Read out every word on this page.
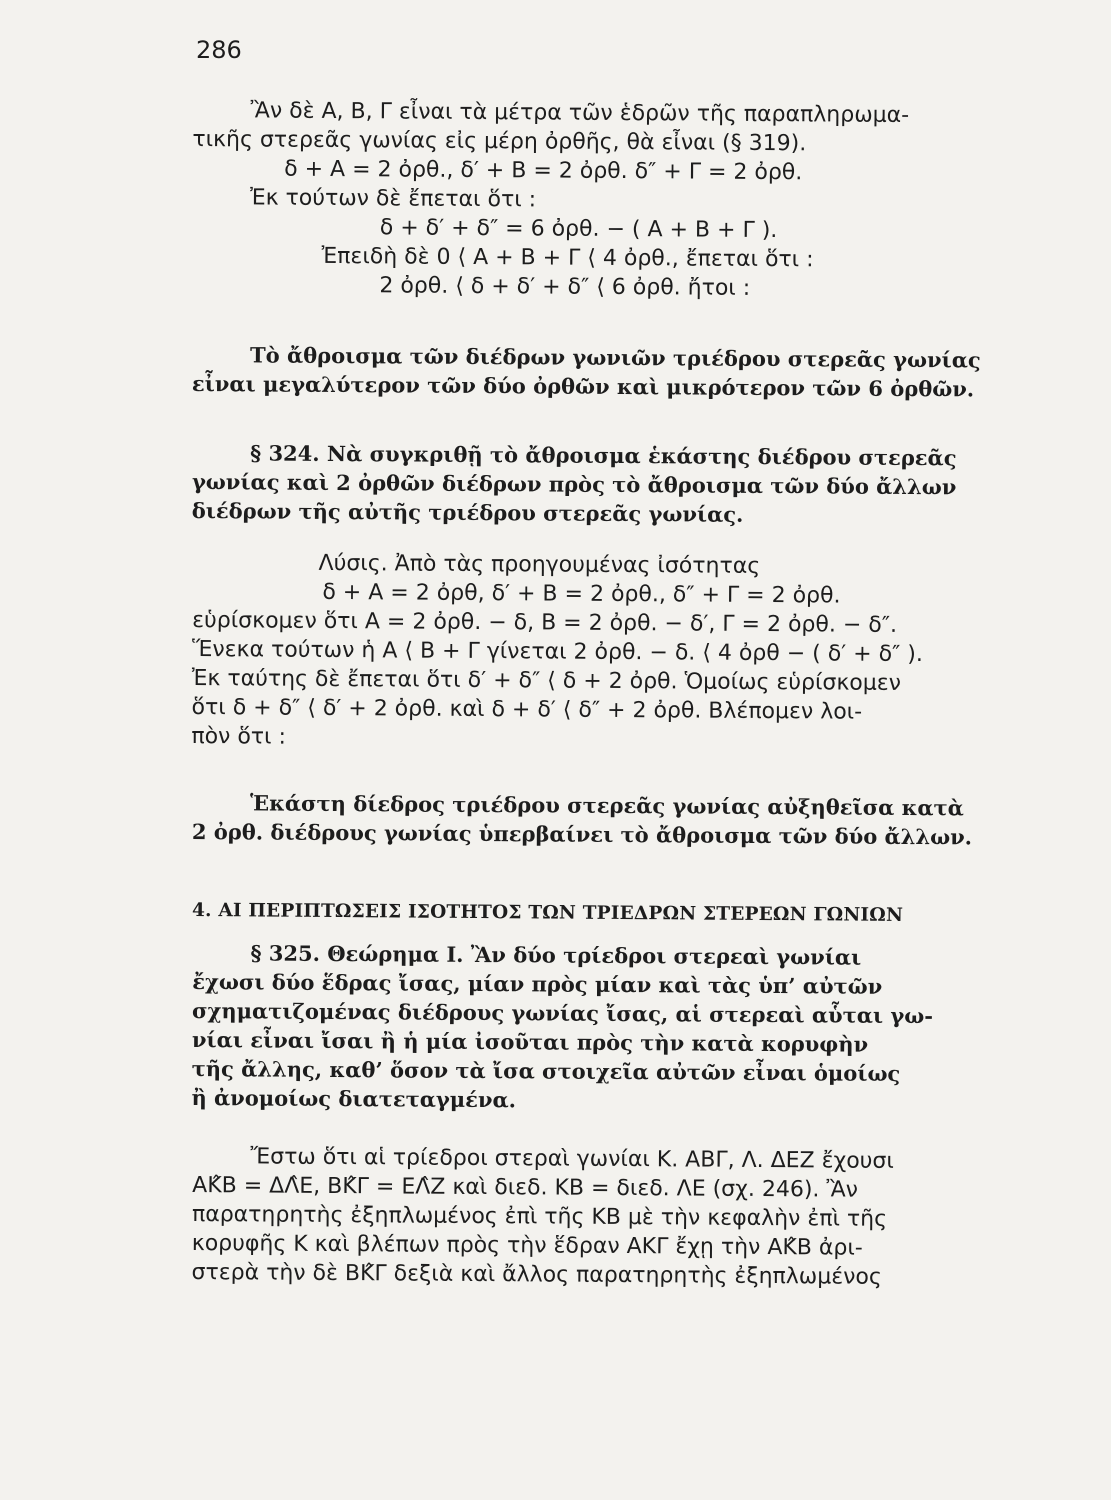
286
Ἂν δὲ Α, Β, Γ εἶναι τὰ μέτρα τῶν ἑδρῶν τῆς παραπληρωμα-
τικῆς στερεᾶς γωνίας εἰς μέρη ὀρθῆς, θὰ εἶναι (§ 319).
δ + Α = 2 ὀρθ., δ′ + Β = 2 ὀρθ. δ″ + Γ = 2 ὀρθ.
Ἐκ τούτων δὲ ἔπεται ὅτι :
δ + δ′ + δ″ = 6 ὀρθ. − ( Α + Β + Γ ).
Ἐπειδὴ δὲ 0 ⟨ Α + Β + Γ ⟨ 4 ὀρθ., ἔπεται ὅτι :
2 ὀρθ. ⟨ δ + δ′ + δ″ ⟨ 6 ὀρθ. ἤτοι :
Τὸ ἄθροισμα τῶν διέδρων γωνιῶν τριέδρου στερεᾶς γωνίας
εἶναι μεγαλύτερον τῶν δύο ὀρθῶν καὶ μικρότερον τῶν 6 ὀρθῶν.
§ 324. Νὰ συγκριθῇ τὸ ἄθροισμα ἑκάστης διέδρου στερεᾶς
γωνίας καὶ 2 ὀρθῶν διέδρων πρὸς τὸ ἄθροισμα τῶν δύο ἄλλων
διέδρων τῆς αὐτῆς τριέδρου στερεᾶς γωνίας.
Λύσις. Ἀπὸ τὰς προηγουμένας ἰσότητας
δ + Α = 2 ὀρθ, δ′ + Β = 2 ὀρθ., δ″ + Γ = 2 ὀρθ.
εὑρίσκομεν ὅτι Α = 2 ὀρθ. − δ, Β = 2 ὀρθ. − δ′, Γ = 2 ὀρθ. − δ″.
Ἕνεκα τούτων ἡ Α ⟨ Β + Γ γίνεται 2 ὀρθ. − δ. ⟨ 4 ὀρθ − ( δ′ + δ″ ).
Ἐκ ταύτης δὲ ἔπεται ὅτι δ′ + δ″ ⟨ δ + 2 ὀρθ. Ὁμοίως εὑρίσκομεν
ὅτι δ + δ″ ⟨ δ′ + 2 ὀρθ. καὶ δ + δ′ ⟨ δ″ + 2 ὀρθ. Βλέπομεν λοι-
πὸν ὅτι :
Ἑκάστη δίεδρος τριέδρου στερεᾶς γωνίας αὐξηθεῖσα κατὰ
2 ὀρθ. διέδρους γωνίας ὑπερβαίνει τὸ ἄθροισμα τῶν δύο ἄλλων.
4. ΑΙ ΠΕΡΙΠΤΩΣΕΙΣ ΙΣΟΤΗΤΟΣ ΤΩΝ ΤΡΙΕΔΡΩΝ ΣΤΕΡΕΩΝ ΓΩΝΙΩΝ
§ 325. Θεώρημα Ι. Ἂν δύο τρίεδροι στερεαὶ γωνίαι
ἔχωσι δύο ἕδρας ἴσας, μίαν πρὸς μίαν καὶ τὰς ὑπ’ αὐτῶν
σχηματιζομένας διέδρους γωνίας ἴσας, αἱ στερεαὶ αὗται γω-
νίαι εἶναι ἴσαι ἢ ἡ μία ἰσοῦται πρὸς τὴν κατὰ κορυφὴν
τῆς ἄλλης, καθ’ ὅσον τὰ ἴσα στοιχεῖα αὐτῶν εἶναι ὁμοίως
ἢ ἀνομοίως διατεταγμένα.
Ἔστω ὅτι αἱ τρίεδροι στεραὶ γωνίαι Κ. ΑΒΓ, Λ. ΔΕΖ ἔχουσι
ΑΚ̂Β = ΔΛ̂Ε, ΒΚ̂Γ = ΕΛ̂Ζ καὶ διεδ. ΚΒ = διεδ. ΛΕ (σχ. 246). Ἂν
παρατηρητὴς ἐξηπλωμένος ἐπὶ τῆς ΚΒ μὲ τὴν κεφαλὴν ἐπὶ τῆς
κορυφῆς Κ καὶ βλέπων πρὸς τὴν ἕδραν ΑΚΓ ἔχῃ τὴν ΑΚ̂Β ἀρι-
στερὰ τὴν δὲ ΒΚ̂Γ δεξιὰ καὶ ἄλλος παρατηρητὴς ἐξηπλωμένος
